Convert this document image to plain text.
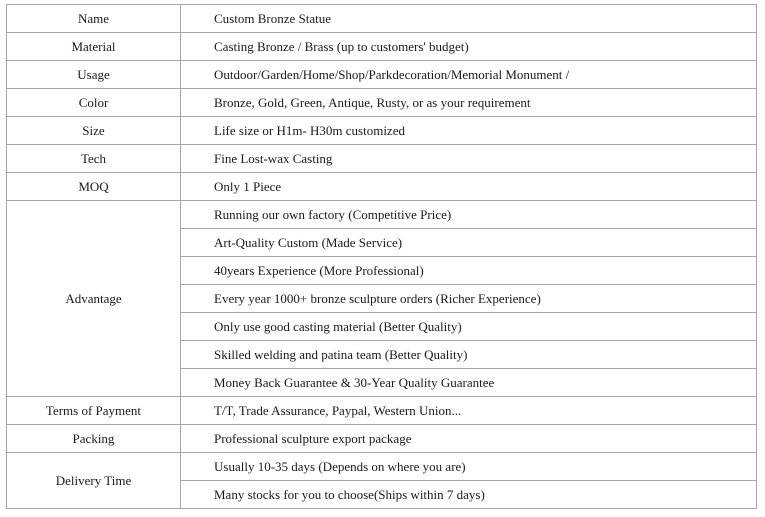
Name	Custom Bronze Statue
Material	Casting Bronze / Brass (up to customers' budget)
Usage	Outdoor/Garden/Home/Shop/Parkdecoration/Memorial Monument /
Color	Bronze, Gold, Green, Antique, Rusty, or as your requirement
Size	Life size or H1m- H30m customized
Tech	Fine Lost-wax Casting
MOQ	Only 1 Piece
Advantage	Running our own factory (Competitive Price)
	Art-Quality Custom (Made Service)
	40years Experience (More Professional)
	Every year 1000+ bronze sculpture orders (Richer Experience)
	Only use good casting material (Better Quality)
	Skilled welding and patina team (Better Quality)
	Money Back Guarantee & 30-Year Quality Guarantee
Terms of Payment	T/T, Trade Assurance, Paypal, Western Union...
Packing	Professional sculpture export package
Delivery Time	Usually 10-35 days (Depends on where you are)
	Many stocks for you to choose(Ships within 7 days)
